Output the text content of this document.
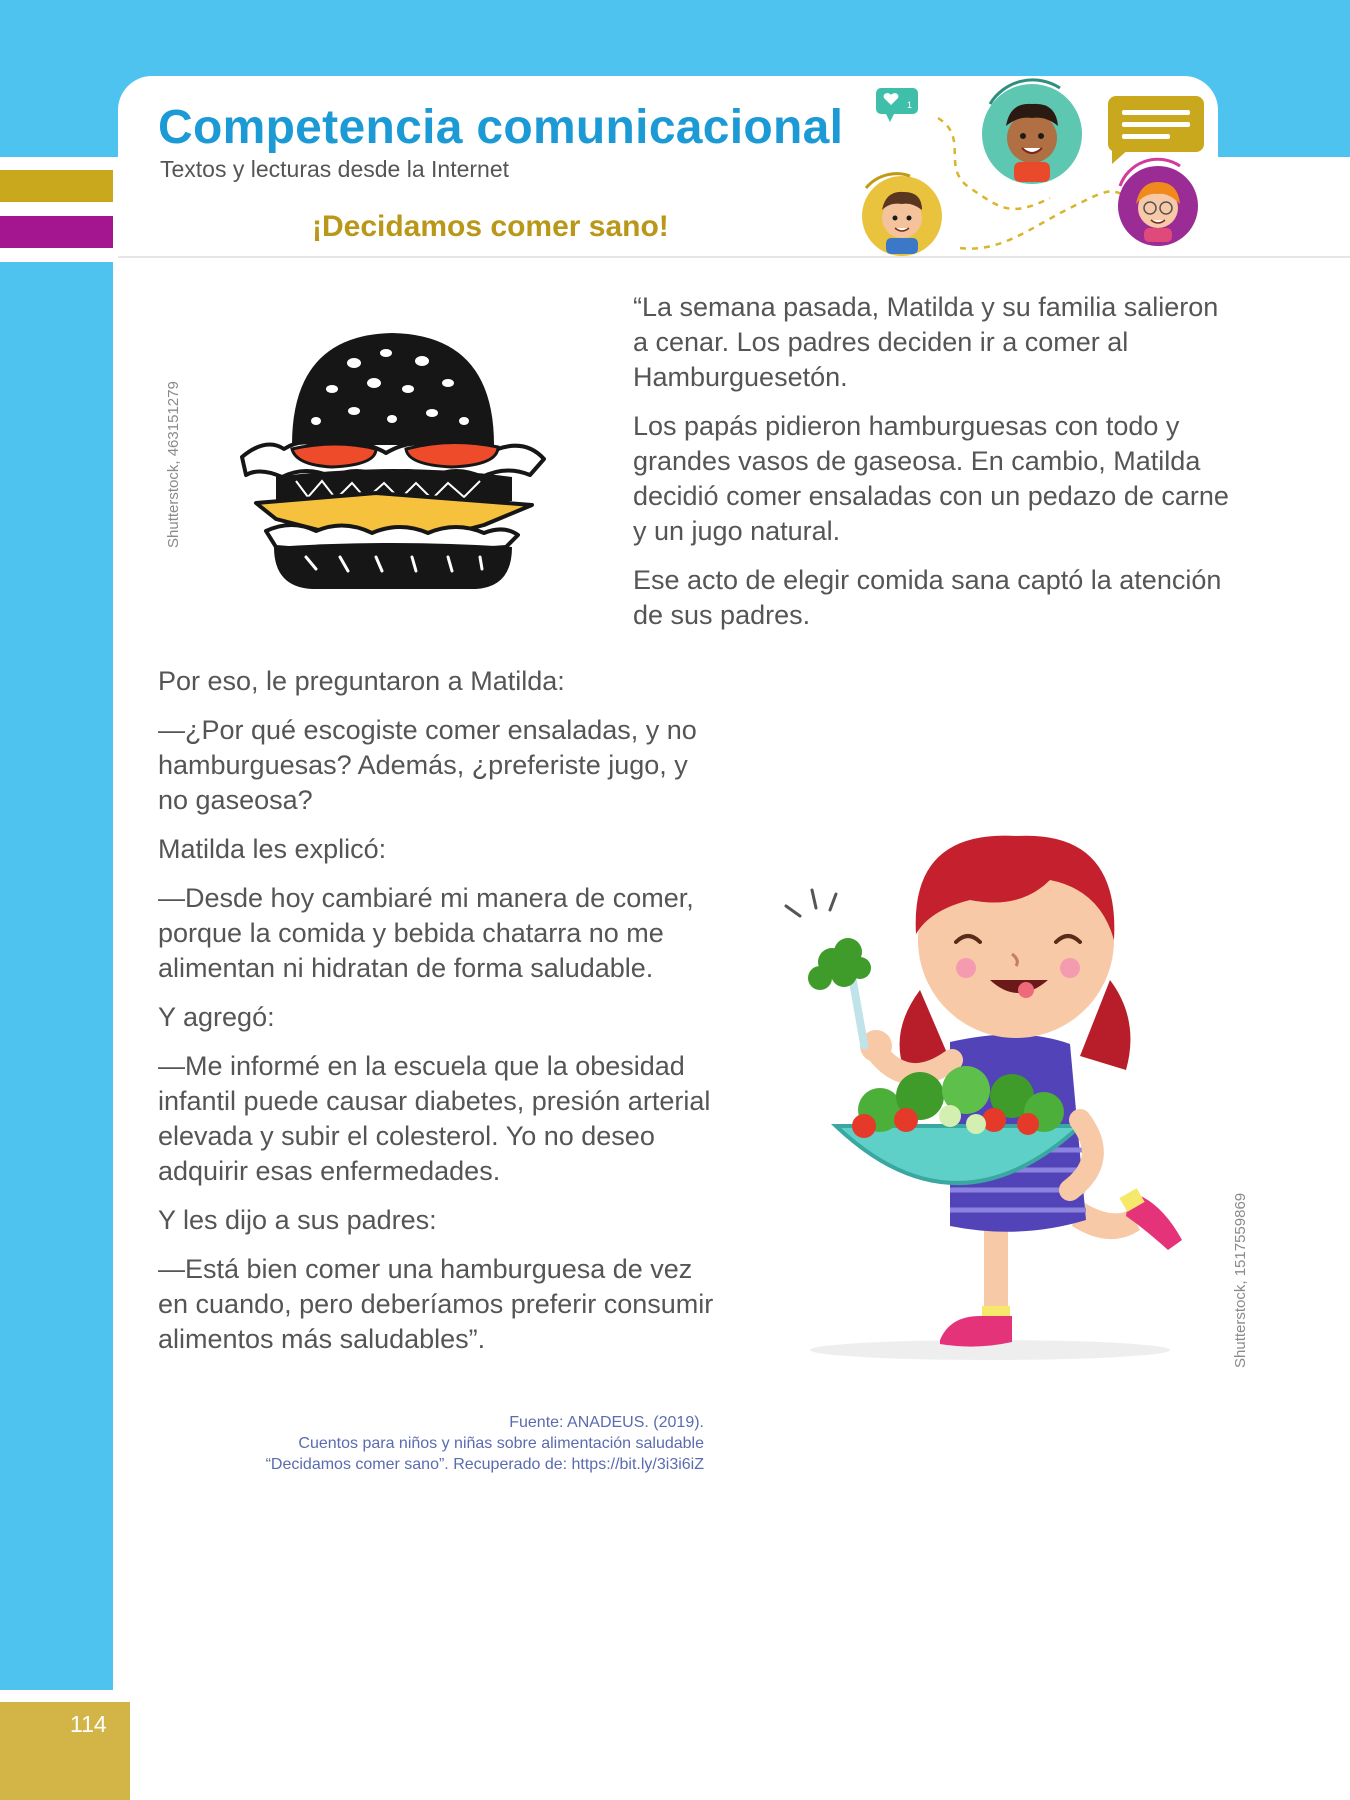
Competencia comunicacional
Textos y lecturas desde la Internet
¡Decidamos comer sano!
1
Shutterstock, 463151279

“La semana pasada, Matilda y su familia salieron a cenar. Los padres deciden ir a comer al Hamburguesetón.

Los papás pidieron hamburguesas con todo y grandes vasos de gaseosa. En cambio, Matilda decidió comer ensaladas con un pedazo de carne y un jugo natural.

Ese acto de elegir comida sana captó la atención de sus padres.

Por eso, le preguntaron a Matilda:

—¿Por qué escogiste comer ensaladas, y no hamburguesas? Además, ¿preferiste jugo, y no gaseosa?

Matilda les explicó:

—Desde hoy cambiaré mi manera de comer, porque la comida y bebida chatarra no me alimentan ni hidratan de forma saludable.

Y agregó:

—Me informé en la escuela que la obesidad infantil puede causar diabetes, presión arterial elevada y subir el colesterol. Yo no deseo adquirir esas enfermedades.

Y les dijo a sus padres:

—Está bien comer una hamburguesa de vez en cuando, pero deberíamos preferir consumir alimentos más saludables”.

Fuente: ANADEUS. (2019).
Cuentos para niños y niñas sobre alimentación saludable
“Decidamos comer sano”. Recuperado de: https://bit.ly/3i3i6iZ
Shutterstock, 1517559869
114
